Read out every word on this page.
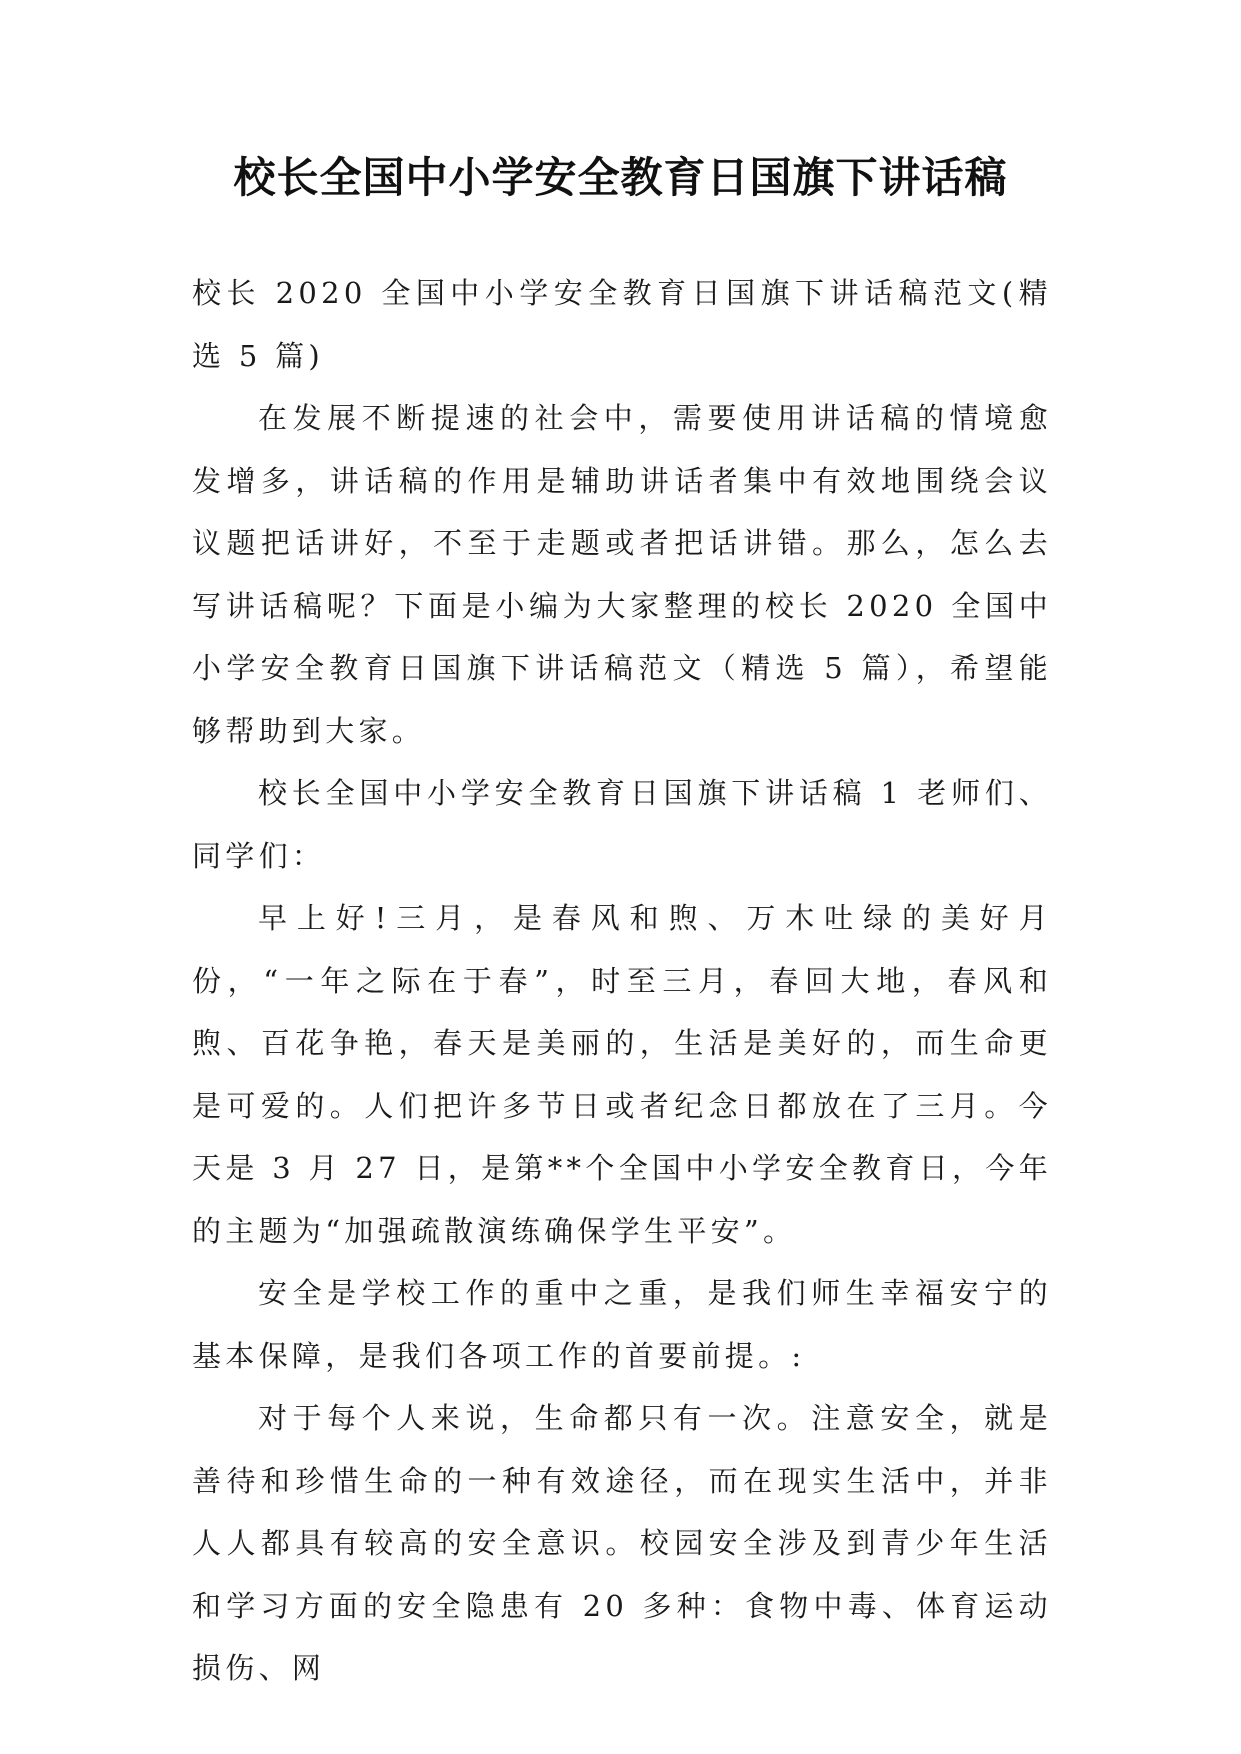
校长全国中小学安全教育日国旗下讲话稿

校长 2020 全国中小学安全教育日国旗下讲话稿范文(精选 5 篇)

在发展不断提速的社会中，需要使用讲话稿的情境愈发增多，讲话稿的作用是辅助讲话者集中有效地围绕会议议题把话讲好，不至于走题或者把话讲错。那么，怎么去写讲话稿呢？下面是小编为大家整理的校长 2020 全国中小学安全教育日国旗下讲话稿范文（精选 5 篇），希望能够帮助到大家。

校长全国中小学安全教育日国旗下讲话稿 1 老师们、同学们：

早上好!三月，是春风和煦、万木吐绿的美好月份，“一年之际在于春”，时至三月，春回大地，春风和煦、百花争艳，春天是美丽的，生活是美好的，而生命更是可爱的。人们把许多节日或者纪念日都放在了三月。今天是 3 月 27 日，是第**个全国中小学安全教育日，今年的主题为“加强疏散演练确保学生平安”。

安全是学校工作的重中之重，是我们师生幸福安宁的基本保障，是我们各项工作的首要前提。:

对于每个人来说，生命都只有一次。注意安全，就是善待和珍惜生命的一种有效途径，而在现实生活中，并非人人都具有较高的安全意识。校园安全涉及到青少年生活和学习方面的安全隐患有 20 多种：食物中毒、体育运动损伤、网
